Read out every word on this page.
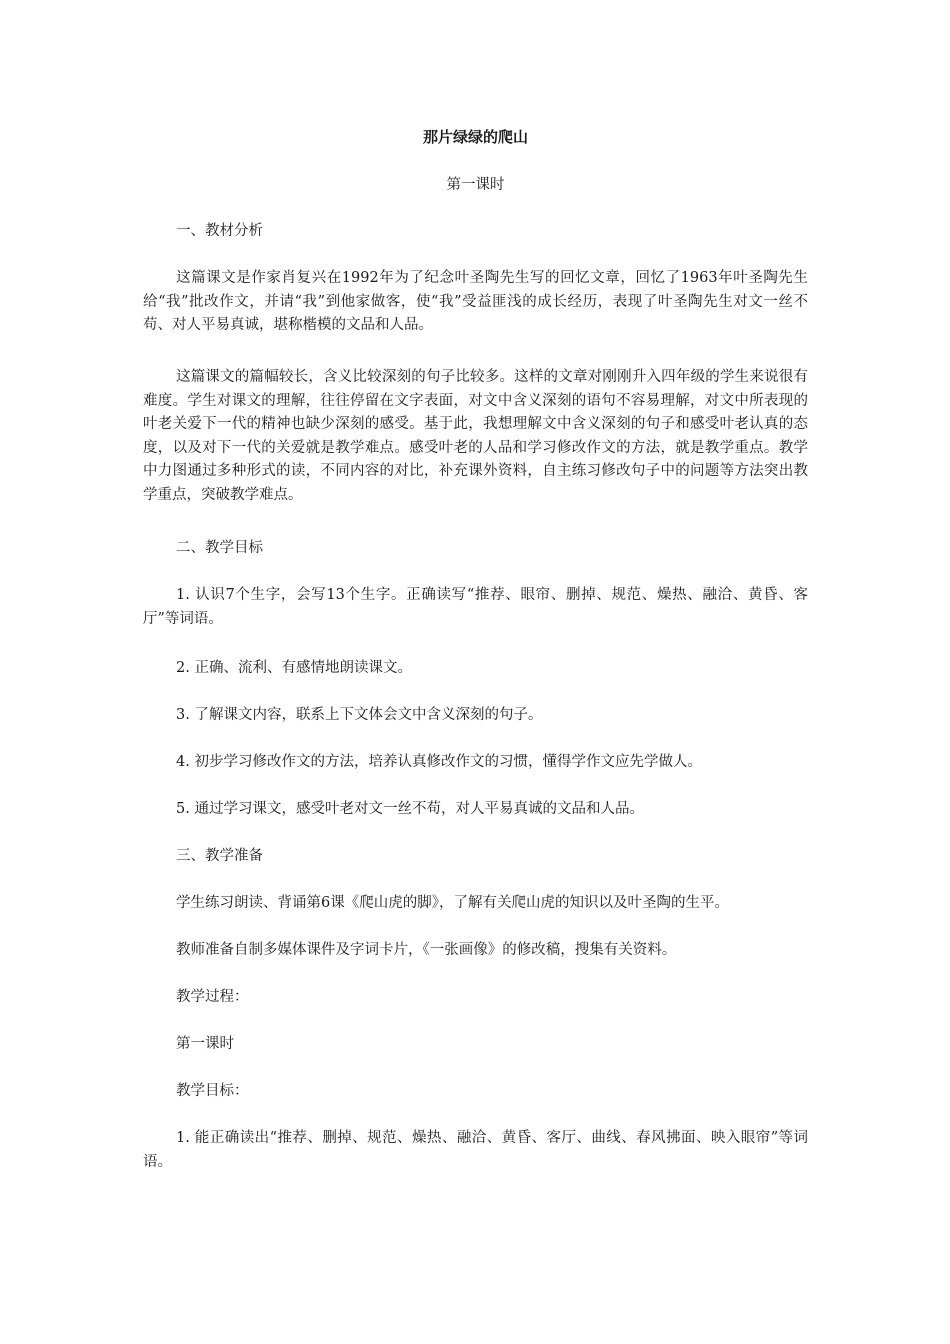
那片绿绿的爬山
第一课时

一、教材分析

这篇课文是作家肖复兴在1992年为了纪念叶圣陶先生写的回忆文章，回忆了1963年叶圣陶先生给“我”批改作文，并请“我”到他家做客，使“我”受益匪浅的成长经历，表现了叶圣陶先生对文一丝不苟、对人平易真诚，堪称楷模的文品和人品。

这篇课文的篇幅较长，含义比较深刻的句子比较多。这样的文章对刚刚升入四年级的学生来说很有难度。学生对课文的理解，往往停留在文字表面，对文中含义深刻的语句不容易理解，对文中所表现的叶老关爱下一代的精神也缺少深刻的感受。基于此，我想理解文中含义深刻的句子和感受叶老认真的态度，以及对下一代的关爱就是教学难点。感受叶老的人品和学习修改作文的方法，就是教学重点。教学中力图通过多种形式的读，不同内容的对比，补充课外资料，自主练习修改句子中的问题等方法突出教学重点，突破教学难点。

二、教学目标

1. 认识7个生字，会写13个生字。正确读写“推荐、眼帘、删掉、规范、燥热、融洽、黄昏、客厅”等词语。

2. 正确、流利、有感情地朗读课文。

3. 了解课文内容，联系上下文体会文中含义深刻的句子。

4. 初步学习修改作文的方法，培养认真修改作文的习惯，懂得学作文应先学做人。

5. 通过学习课文，感受叶老对文一丝不苟，对人平易真诚的文品和人品。

三、教学准备

学生练习朗读、背诵第6课《爬山虎的脚》，了解有关爬山虎的知识以及叶圣陶的生平。

教师准备自制多媒体课件及字词卡片，《一张画像》的修改稿，搜集有关资料。

教学过程：

第一课时

教学目标：

1. 能正确读出“推荐、删掉、规范、燥热、融洽、黄昏、客厅、曲线、春风拂面、映入眼帘”等词语。
